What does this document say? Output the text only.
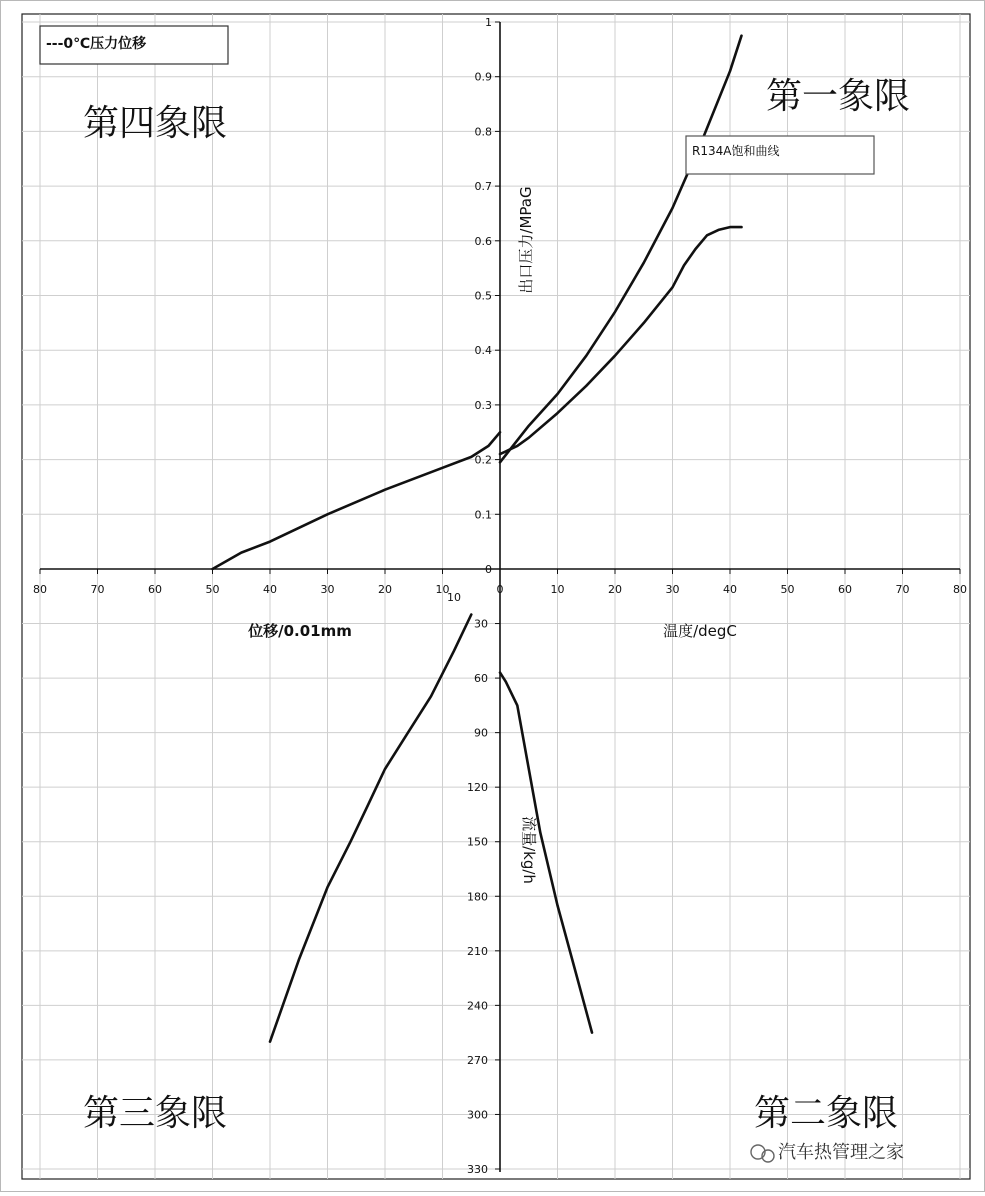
0
0.1
0.2
0.3
0.4
0.5
0.6
0.7
0.8
0.9
1
30
60
90
120
150
180
210
240
270
300
330
0	10	20	30	40	50	60	70	80
80	70	60	50	40	30	20	10
10
温度/degC
位移/0.01mm
出口压力/MPaG
流量/kg/h
第一象限
第四象限
第三象限	第二象限
---0℃压力位移
R134A饱和曲线
汽车热管理之家
